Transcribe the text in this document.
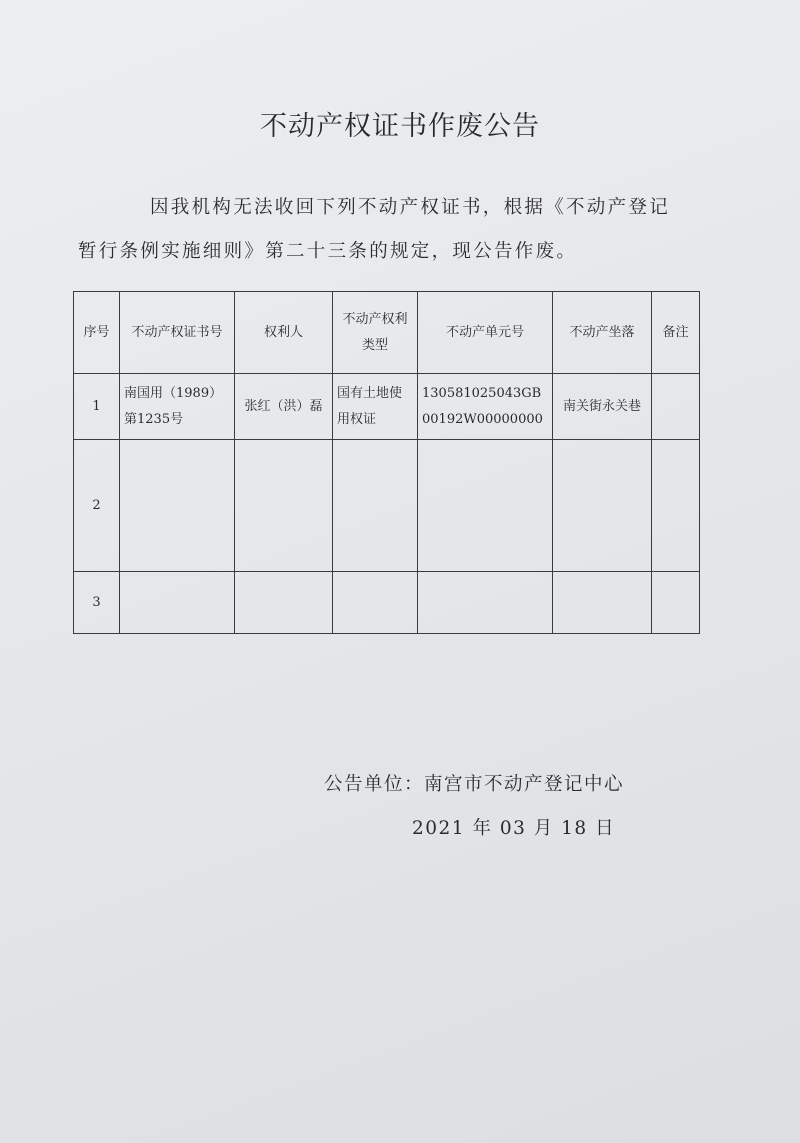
不动产权证书作废公告
因我机构无法收回下列不动产权证书，根据《不动产登记暂行条例实施细则》第二十三条的规定，现公告作废。
序号	不动产权证书号	权利人	不动产权利类型	不动产单元号	不动产坐落	备注
1	南国用（1989）第1235号	张红（洪）磊	国有土地使用权证	130581025043GB00192W00000000	南关街永关巷	
2						
3						
公告单位：南宫市不动产登记中心
2021 年 03 月 18 日
